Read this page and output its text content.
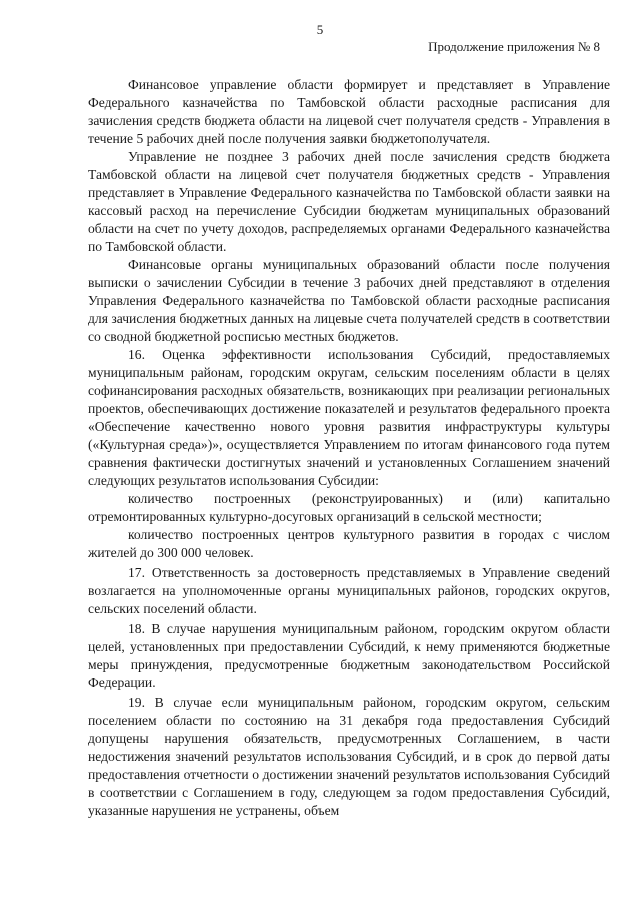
5
Продолжение приложения № 8

Финансовое управление области формирует и представляет в Управление Федерального казначейства по Тамбовской области расходные расписания для зачисления средств бюджета области на лицевой счет получателя средств - Управления в течение 5 рабочих дней после получения заявки бюджетополучателя.

Управление не позднее 3 рабочих дней после зачисления средств бюджета Тамбовской области на лицевой счет получателя бюджетных средств - Управления представляет в Управление Федерального казначейства по Тамбовской области заявки на кассовый расход на перечисление Субсидии бюджетам муниципальных образований области на счет по учету доходов, распределяемых органами Федерального казначейства по Тамбовской области.

Финансовые органы муниципальных образований области после получения выписки о зачислении Субсидии в течение 3 рабочих дней представляют в отделения Управления Федерального казначейства по Тамбовской области расходные расписания для зачисления бюджетных данных на лицевые счета получателей средств в соответствии со сводной бюджетной росписью местных бюджетов.

16. Оценка эффективности использования Субсидий, предоставляемых муниципальным районам, городским округам, сельским поселениям области в целях софинансирования расходных обязательств, возникающих при реализации региональных проектов, обеспечивающих достижение показателей и результатов федерального проекта «Обеспечение качественно нового уровня развития инфраструктуры культуры («Культурная среда»)», осуществляется Управлением по итогам финансового года путем сравнения фактически достигнутых значений и установленных Соглашением значений следующих результатов использования Субсидии:

количество построенных (реконструированных) и (или) капитально отремонтированных культурно-досуговых организаций в сельской местности;

количество построенных центров культурного развития в городах с числом жителей до 300 000 человек.

17. Ответственность за достоверность представляемых в Управление сведений возлагается на уполномоченные органы муниципальных районов, городских округов, сельских поселений области.

18. В случае нарушения муниципальным районом, городским округом области целей, установленных при предоставлении Субсидий, к нему применяются бюджетные меры принуждения, предусмотренные бюджетным законодательством Российской Федерации.

19. В случае если муниципальным районом, городским округом, сельским поселением области по состоянию на 31 декабря года предоставления Субсидий допущены нарушения обязательств, предусмотренных Соглашением, в части недостижения значений результатов использования Субсидий, и в срок до первой даты предоставления отчетности о достижении значений результатов использования Субсидий в соответствии с Соглашением в году, следующем за годом предоставления Субсидий, указанные нарушения не устранены, объем
